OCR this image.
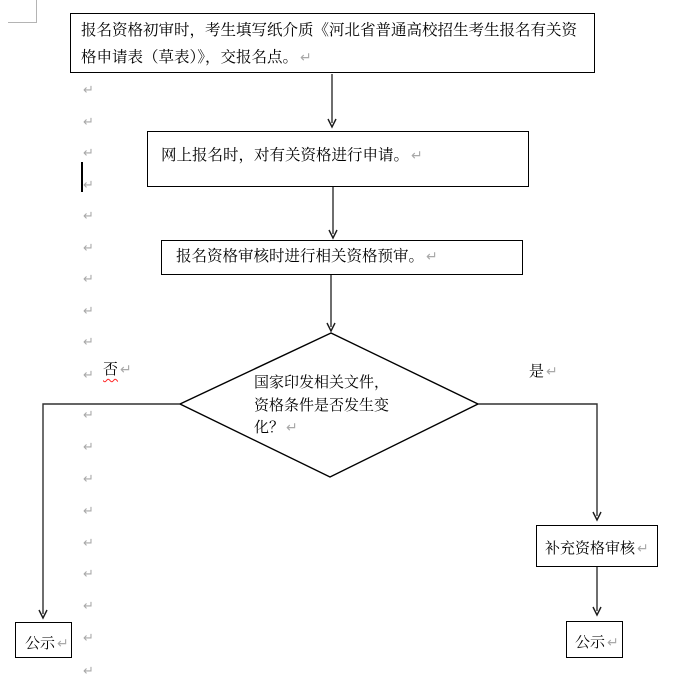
↵
↵
↵
↵
↵
↵
↵
↵
↵
↵
↵
↵
↵
↵
↵
↵
↵
↵
↵
报名资格初审时，考生填写纸介质《河北省普通高校招生考生报名有关资
格申请表（草表）》，交报名点。 ↵
网上报名时，对有关资格进行申请。 ↵
报名资格审核时进行相关资格预审。 ↵
国家印发相关文件，
资格条件是否发生变
化？ ↵
否 ↵	是 ↵
补充资格审核 ↵
公示 ↵	公示 ↵
